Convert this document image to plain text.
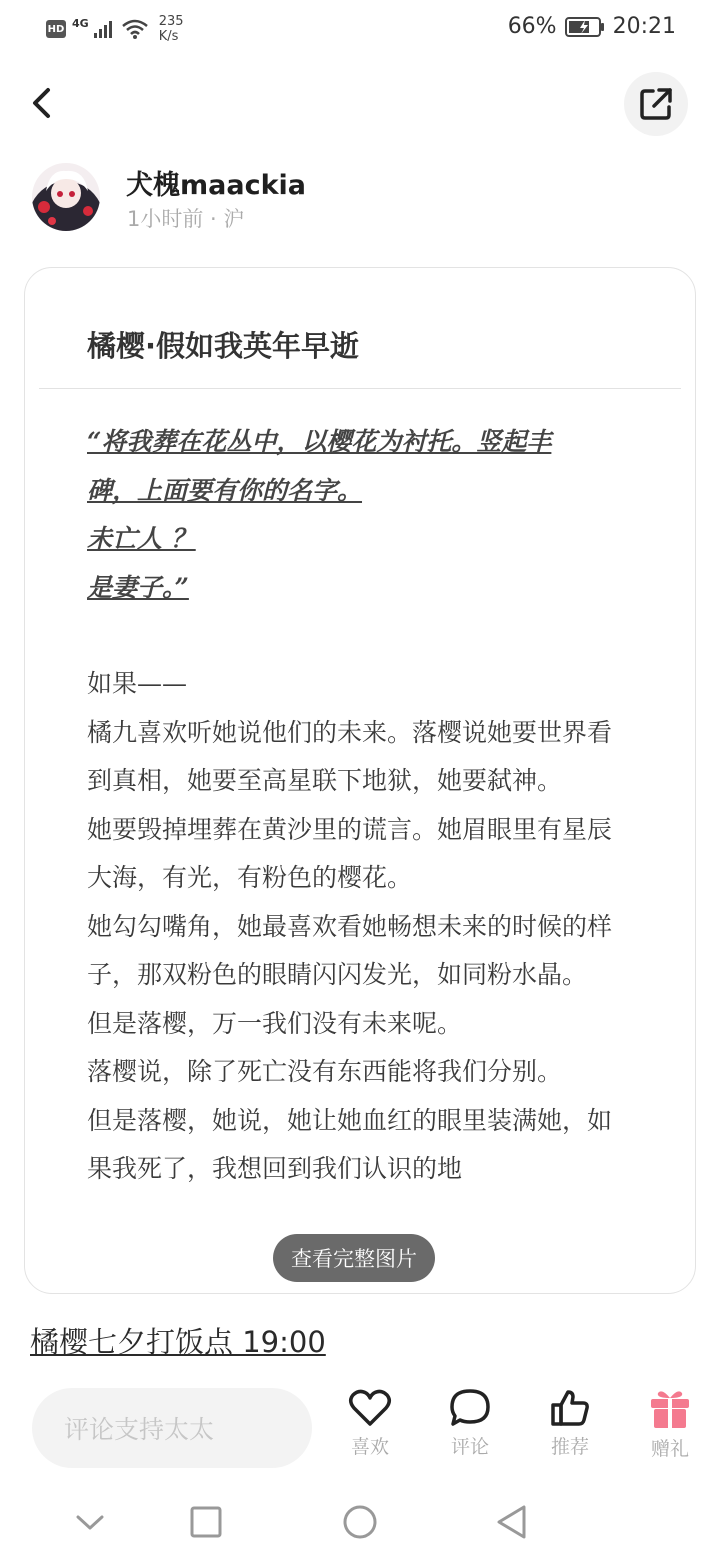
HD 4G	235
K/s	66%	20:21
犬槐maackia
1小时前 · 沪
橘樱·假如我英年早逝
“将我葬在花丛中，以樱花为衬托。竖起丰
碑，上面要有你的名字。
未亡人 ？
是妻子。”
如果——
橘九喜欢听她说他们的未来。落樱说她要世界看到真相，她要至高星联下地狱，她要弑神。
她要毁掉埋葬在黄沙里的谎言。她眉眼里有星辰大海，有光，有粉色的樱花。
她勾勾嘴角，她最喜欢看她畅想未来的时候的样子，那双粉色的眼睛闪闪发光，如同粉水晶。
但是落樱，万一我们没有未来呢。
落樱说，除了死亡没有东西能将我们分别。
但是落樱，她说，她让她血红的眼里装满她，如果我死了，我想回到我们认识的地
查看完整图片
橘樱七夕打饭点 19:00
评论支持太太
喜欢	评论	推荐	赠礼
